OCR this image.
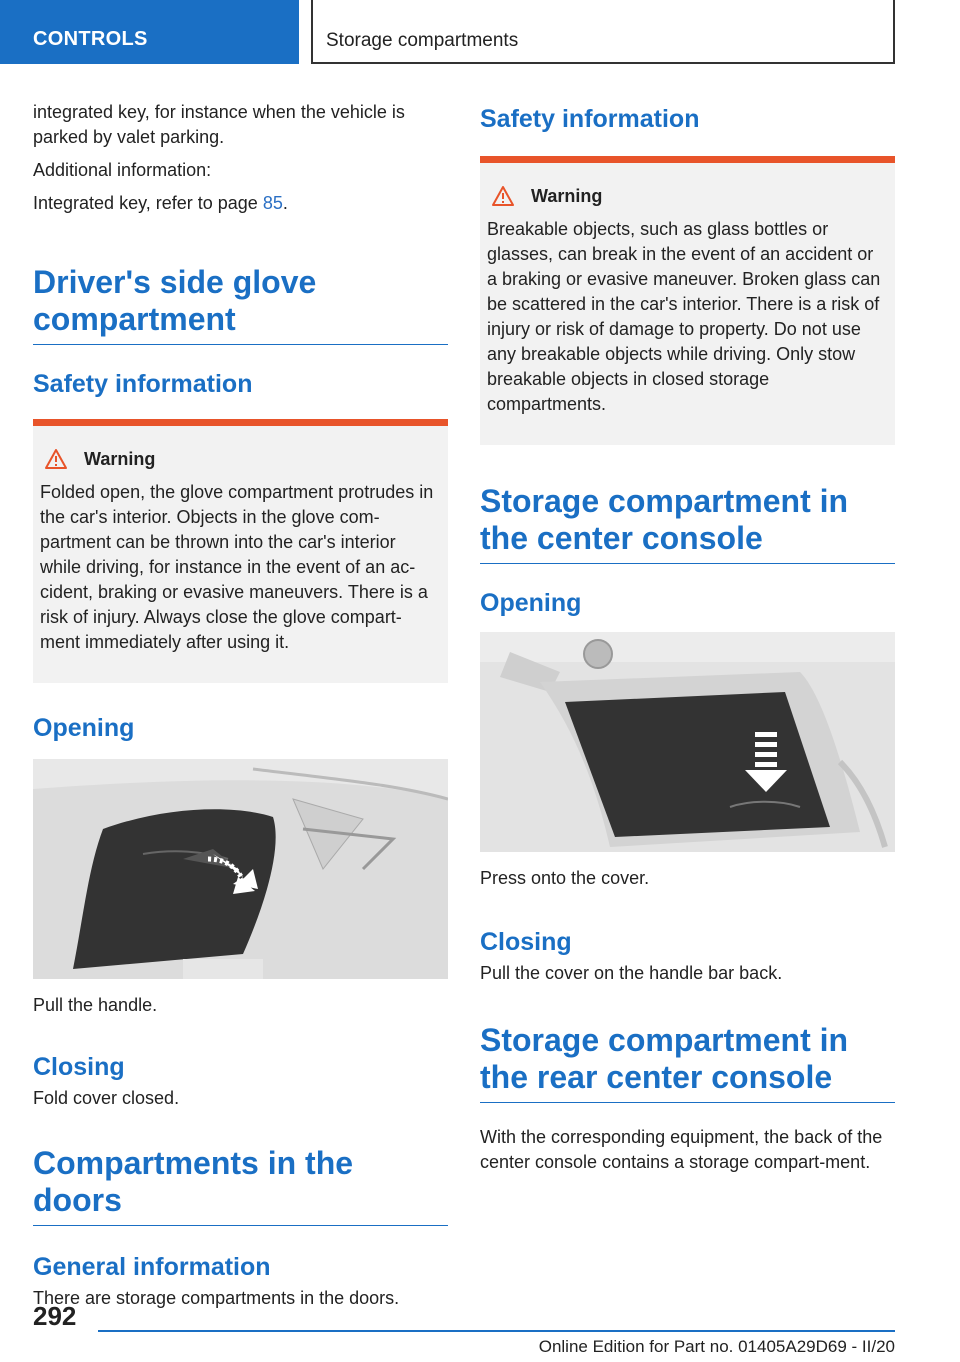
CONTROLS	Storage compartments

integrated key, for instance when the vehicle is parked by valet parking.

Additional information:

Integrated key, refer to page 85.

Driver's side glove compartment
Safety information
Warning

Folded open, the glove compartment protrudes in the car's interior. Objects in the glove com‐partment can be thrown into the car's interior while driving, for instance in the event of an ac‐cident, braking or evasive maneuvers. There is a risk of injury. Always close the glove compart‐ment immediately after using it.

Opening

Pull the handle.

Closing

Fold cover closed.

Compartments in the doors
General information

There are storage compartments in the doors.

Safety information
Warning

Breakable objects, such as glass bottles or glasses, can break in the event of an accident or a braking or evasive maneuver. Broken glass can be scattered in the car's interior. There is a risk of injury or risk of damage to property. Do not use any breakable objects while driving. Only stow breakable objects in closed storage compartments.

Storage compartment in the center console
Opening

Press onto the cover.

Closing

Pull the cover on the handle bar back.

Storage compartment in the rear center console

With the corresponding equipment, the back of the center console contains a storage compart‐ment.

292
Online Edition for Part no. 01405A29D69 - II/20
